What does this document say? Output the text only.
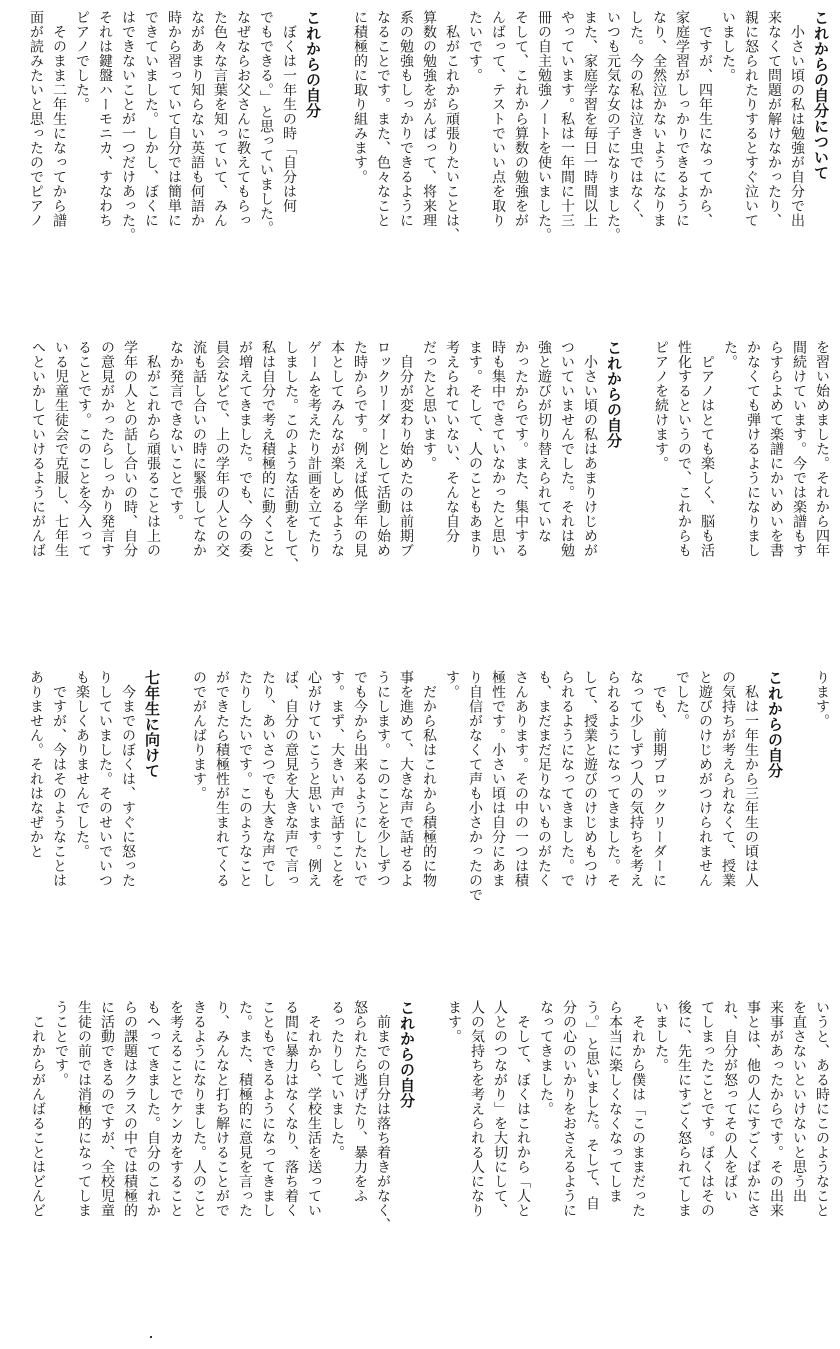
これからの自分について
　小さい頃の私は勉強が自分で出
来なくて問題が解けなかったり、
親に怒られたりするとすぐ泣いて
いました。
　ですが、四年生になってから、
家庭学習がしっかりできるように
なり、全然泣かないようになりま
した。今の私は泣き虫ではなく、
いつも元気な女の子になりました。
また、家庭学習を毎日一時間以上
やっています。私は一年間に十三
冊の自主勉強ノートを使いました。
そして、これから算数の勉強をが
んばって、テストでいい点を取り
たいです。
　私がこれから頑張りたいことは、
算数の勉強をがんばって、将来理
系の勉強もしっかりできるように
なることです。また、色々なこと
に積極的に取り組みます。
これからの自分
　ぼくは一年生の時「自分は何
でもできる。」と思っていました。
なぜならお父さんに教えてもらっ
た色々な言葉を知っていて、みん
ながあまり知らない英語も何語か
時から習っていて自分では簡単に
できていました。しかし、ぼくに
はできないことが一つだけあった。
それは鍵盤ハーモニカ、すなわち
ピアノでした。
　そのまま二年生になってから譜
面が読みたいと思ったのでピアノ
を習い始めました。それから四年
間続けています。今では楽譜もす
らすらよめて楽譜にかいめいを書
かなくても弾けるようになりまし
た。
　ピアノはとても楽しく、脳も活
性化するというので、これからも
ピアノを続けます。
これからの自分
　小さい頃の私はあまりけじめが
ついていませんでした。それは勉
強と遊びが切り替えられていな
かったからです。また、集中する
時も集中できていなかったと思い
ます。そして、人のこともあまり
考えられていない、そんな自分
だったと思います。
　自分が変わり始めたのは前期ブ
ロックリーダーとして活動し始め
た時からです。例えば低学年の見
本としてみんなが楽しめるような
ゲームを考えたり計画を立てたり
しました。このような活動をして、
私は自分で考え積極的に動くこと
が増えてきました。でも、今の委
員会などで、上の学年の人との交
流も話し合いの時に緊張してなか
なか発言できないことです。
　私がこれから頑張ることは上の
学年の人との話し合いの時、自分
の意見がかったらしっかり発言す
ることです。このことを今入って
いる児童生徒会で克服し、七年生
へといかしていけるようにがんば
ります。
これからの自分
　私は一年生から三年生の頃は人
の気持ちが考えられなくて、授業
と遊びのけじめがつけられません
でした。
　でも、前期ブロックリーダーに
なって少しずつ人の気持ちを考え
られるようになってきました。そ
して、授業と遊びのけじめもつけ
られるようになってきました。で
も、まだまだ足りないものがたく
さんあります。その中の一つは積
極性です。小さい頃は自分にあま
り自信がなくて声も小さかったので
す。
　だから私はこれから積極的に物
事を進めて、大きな声で話せるよ
うにします。このことを少しずつ
でも今から出来るようにしたいで
す。まず、大きい声で話すことを
心がけていこうと思います。例え
ば、自分の意見を大きな声で言っ
たり、あいさつでも大きな声でし
たりしたいです。このようなこと
ができたら積極性が生まれてくる
のでがんばります。
七年生に向けて
　今までのぼくは、すぐに怒った
りしていました。そのせいでいつ
も楽しくありませんでした。
　ですが、今はそのようなことは
ありません。それはなぜかと
いうと、ある時にこのようなこと
を直さないといけないと思う出
来事があったからです。その出来
事とは、他の人にすごくばかにさ
れ、自分が怒ってその人をばい
てしまったことです。ぼくはその
後に、先生にすごく怒られてしま
いました。
　それから僕は「このままだった
ら本当に楽しくなくなってしま
う。」と思いました。そして、自
分の心のいかりをおさえるように
なってきました。
　そして、ぼくはこれから「人と
人とのつながり」を大切にして、
人の気持ちを考えられる人になり
ます。
これからの自分
　前までの自分は落ち着きがなく、
怒られたら逃げたり、暴力をふ
るったりしていました。
　それから、学校生活を送ってい
る間に暴力はなくなり、落ち着く
こともできるようになってきまし
た。また、積極的に意見を言った
り、みんなと打ち解けることがで
きるようになりました。人のこと
を考えることでケンカをすること
もへってきました。自分のこれか
らの課題はクラスの中では積極的
に活動できるのですが、全校児童
生徒の前では消極的になってしま
うことです。
　これからがんばることはどんど
